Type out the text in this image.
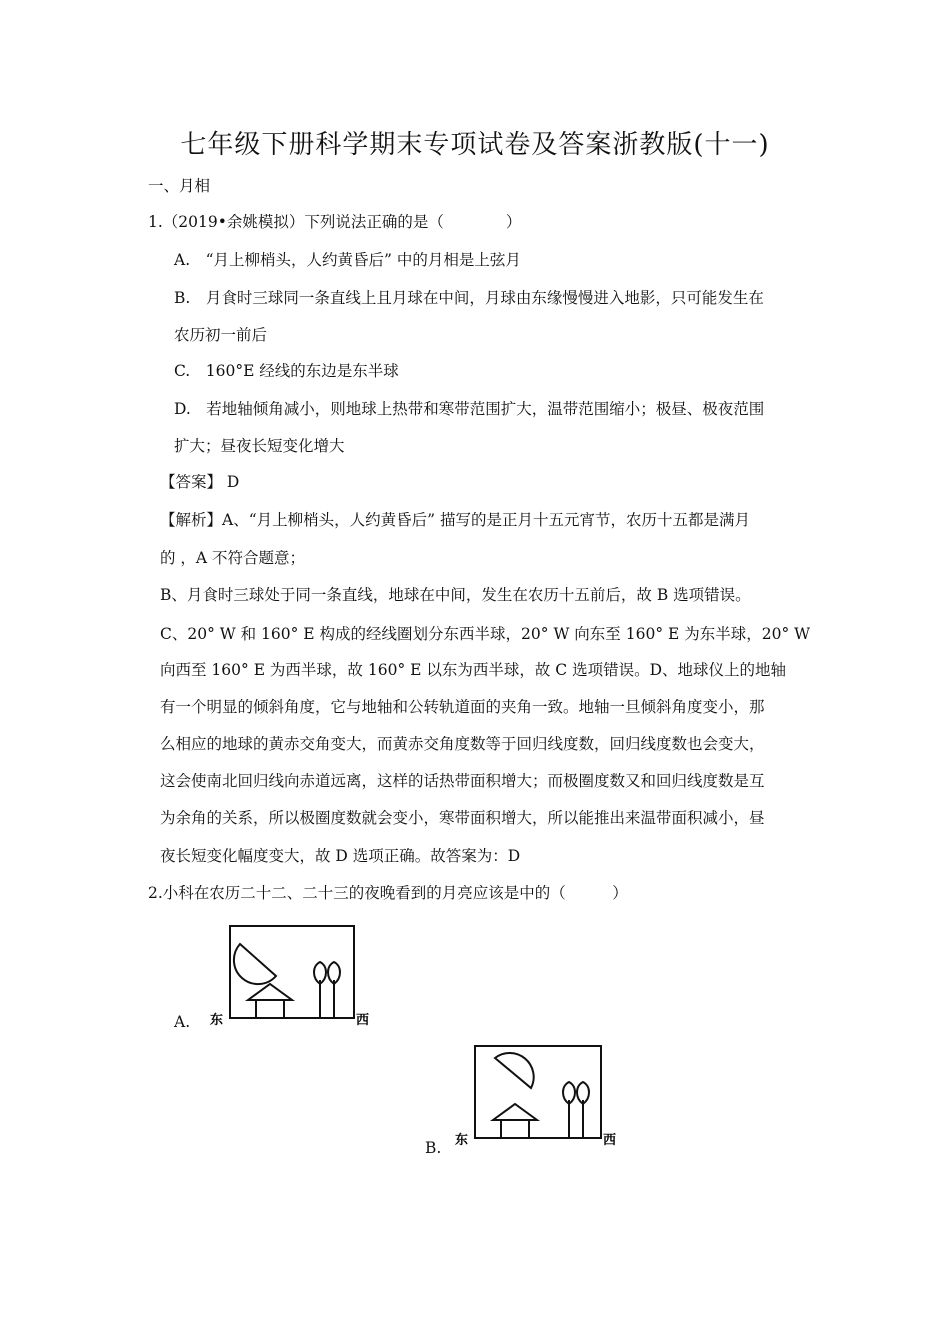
七年级下册科学期末专项试卷及答案浙教版(十一)
一、月相
1.（2019•余姚模拟）下列说法正确的是（　　　　）
A.　“月上柳梢头，人约黄昏后” 中的月相是上弦月
B.　月食时三球同一条直线上且月球在中间，月球由东缘慢慢进入地影，只可能发生在
农历初一前后
C.　160°E 经线的东边是东半球
D.　若地轴倾角减小，则地球上热带和寒带范围扩大，温带范围缩小；极昼、极夜范围
扩大；昼夜长短变化增大
【答案】 D
【解析】A、“月上柳梢头，人约黄昏后” 描写的是正月十五元宵节，农历十五都是满月
的 ，A 不符合题意；
B、月食时三球处于同一条直线，地球在中间，发生在农历十五前后，故 B 选项错误。
C、20° W 和 160° E 构成的经线圈划分东西半球，20° W 向东至 160° E 为东半球，20° W
向西至 160° E 为西半球，故 160° E 以东为西半球，故 C 选项错误。D、地球仪上的地轴
有一个明显的倾斜角度，它与地轴和公转轨道面的夹角一致。地轴一旦倾斜角度变小，那
么相应的地球的黄赤交角变大，而黄赤交角度数等于回归线度数，回归线度数也会变大，
这会使南北回归线向赤道远离，这样的话热带面积增大；而极圈度数又和回归线度数是互
为余角的关系，所以极圈度数就会变小，寒带面积增大，所以能推出来温带面积减小，昼
夜长短变化幅度变大，故 D 选项正确。故答案为：D
2.小科在农历二十二、二十三的夜晚看到的月亮应该是中的（　　　）
A. 东	西
B. 东	西
